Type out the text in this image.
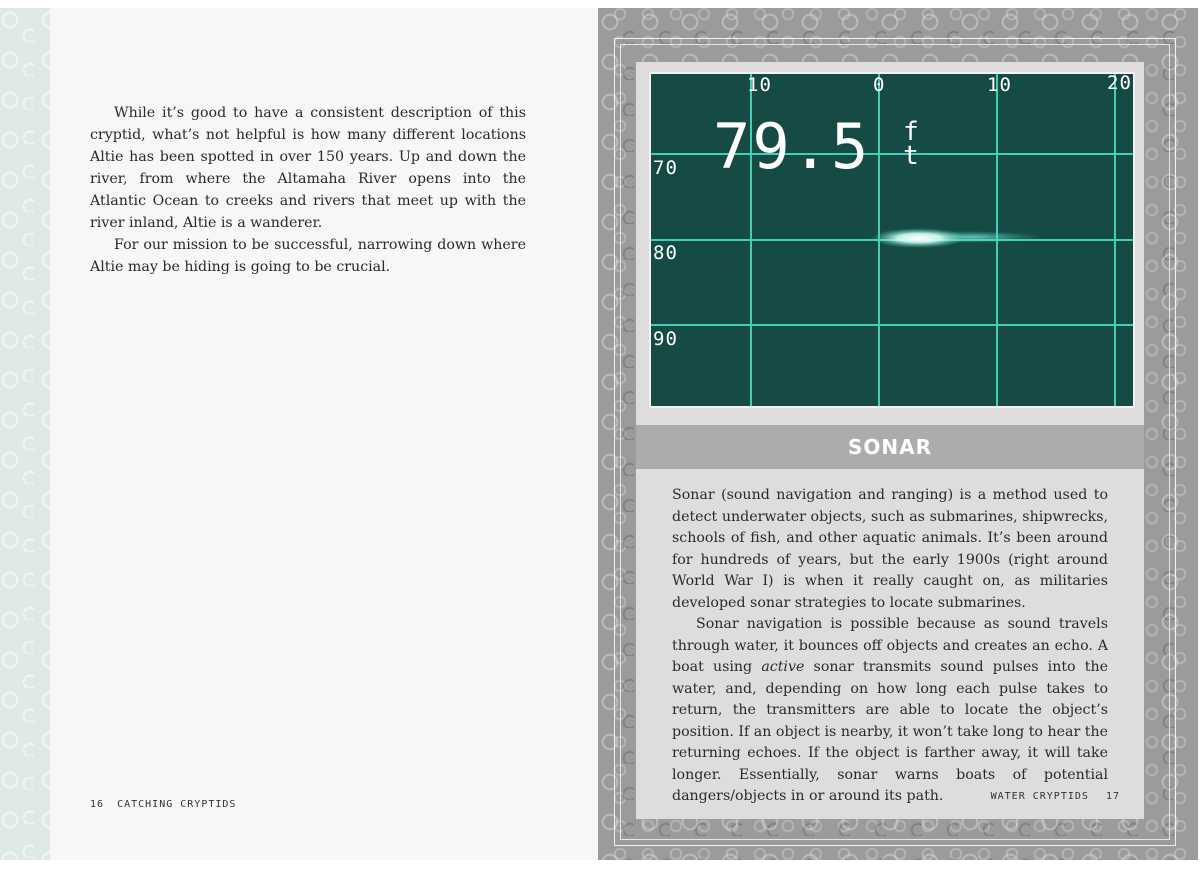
While it’s good to have a consistent description of this cryptid, what’s not helpful is how many different locations Altie has been spotted in over 150 years. Up and down the river, from where the Altamaha River opens into the Atlantic Ocean to creeks and rivers that meet up with the river inland, Altie is a wanderer.

For our mission to be successful, narrowing down where Altie may be hiding is going to be crucial.

16 CATCHING CRYPTIDS
10	0	10	20
70
80
90
79.5 f
t
SONAR

Sonar (sound navigation and ranging) is a method used to detect underwater objects, such as submarines, shipwrecks, schools of fish, and other aquatic animals. It’s been around for hundreds of years, but the early 1900s (right around World War I) is when it really caught on, as militaries developed sonar strategies to locate submarines.

Sonar navigation is possible because as sound travels through water, it bounces off objects and creates an echo. A boat using active sonar transmits sound pulses into the water, and, depending on how long each pulse takes to return, the transmitters are able to locate the object’s position. If an object is nearby, it won’t take long to hear the returning echoes. If the object is farther away, it will take longer. Essentially, sonar warns boats of potential dangers/objects in or around its path.	WATER CRYPTIDS 17
